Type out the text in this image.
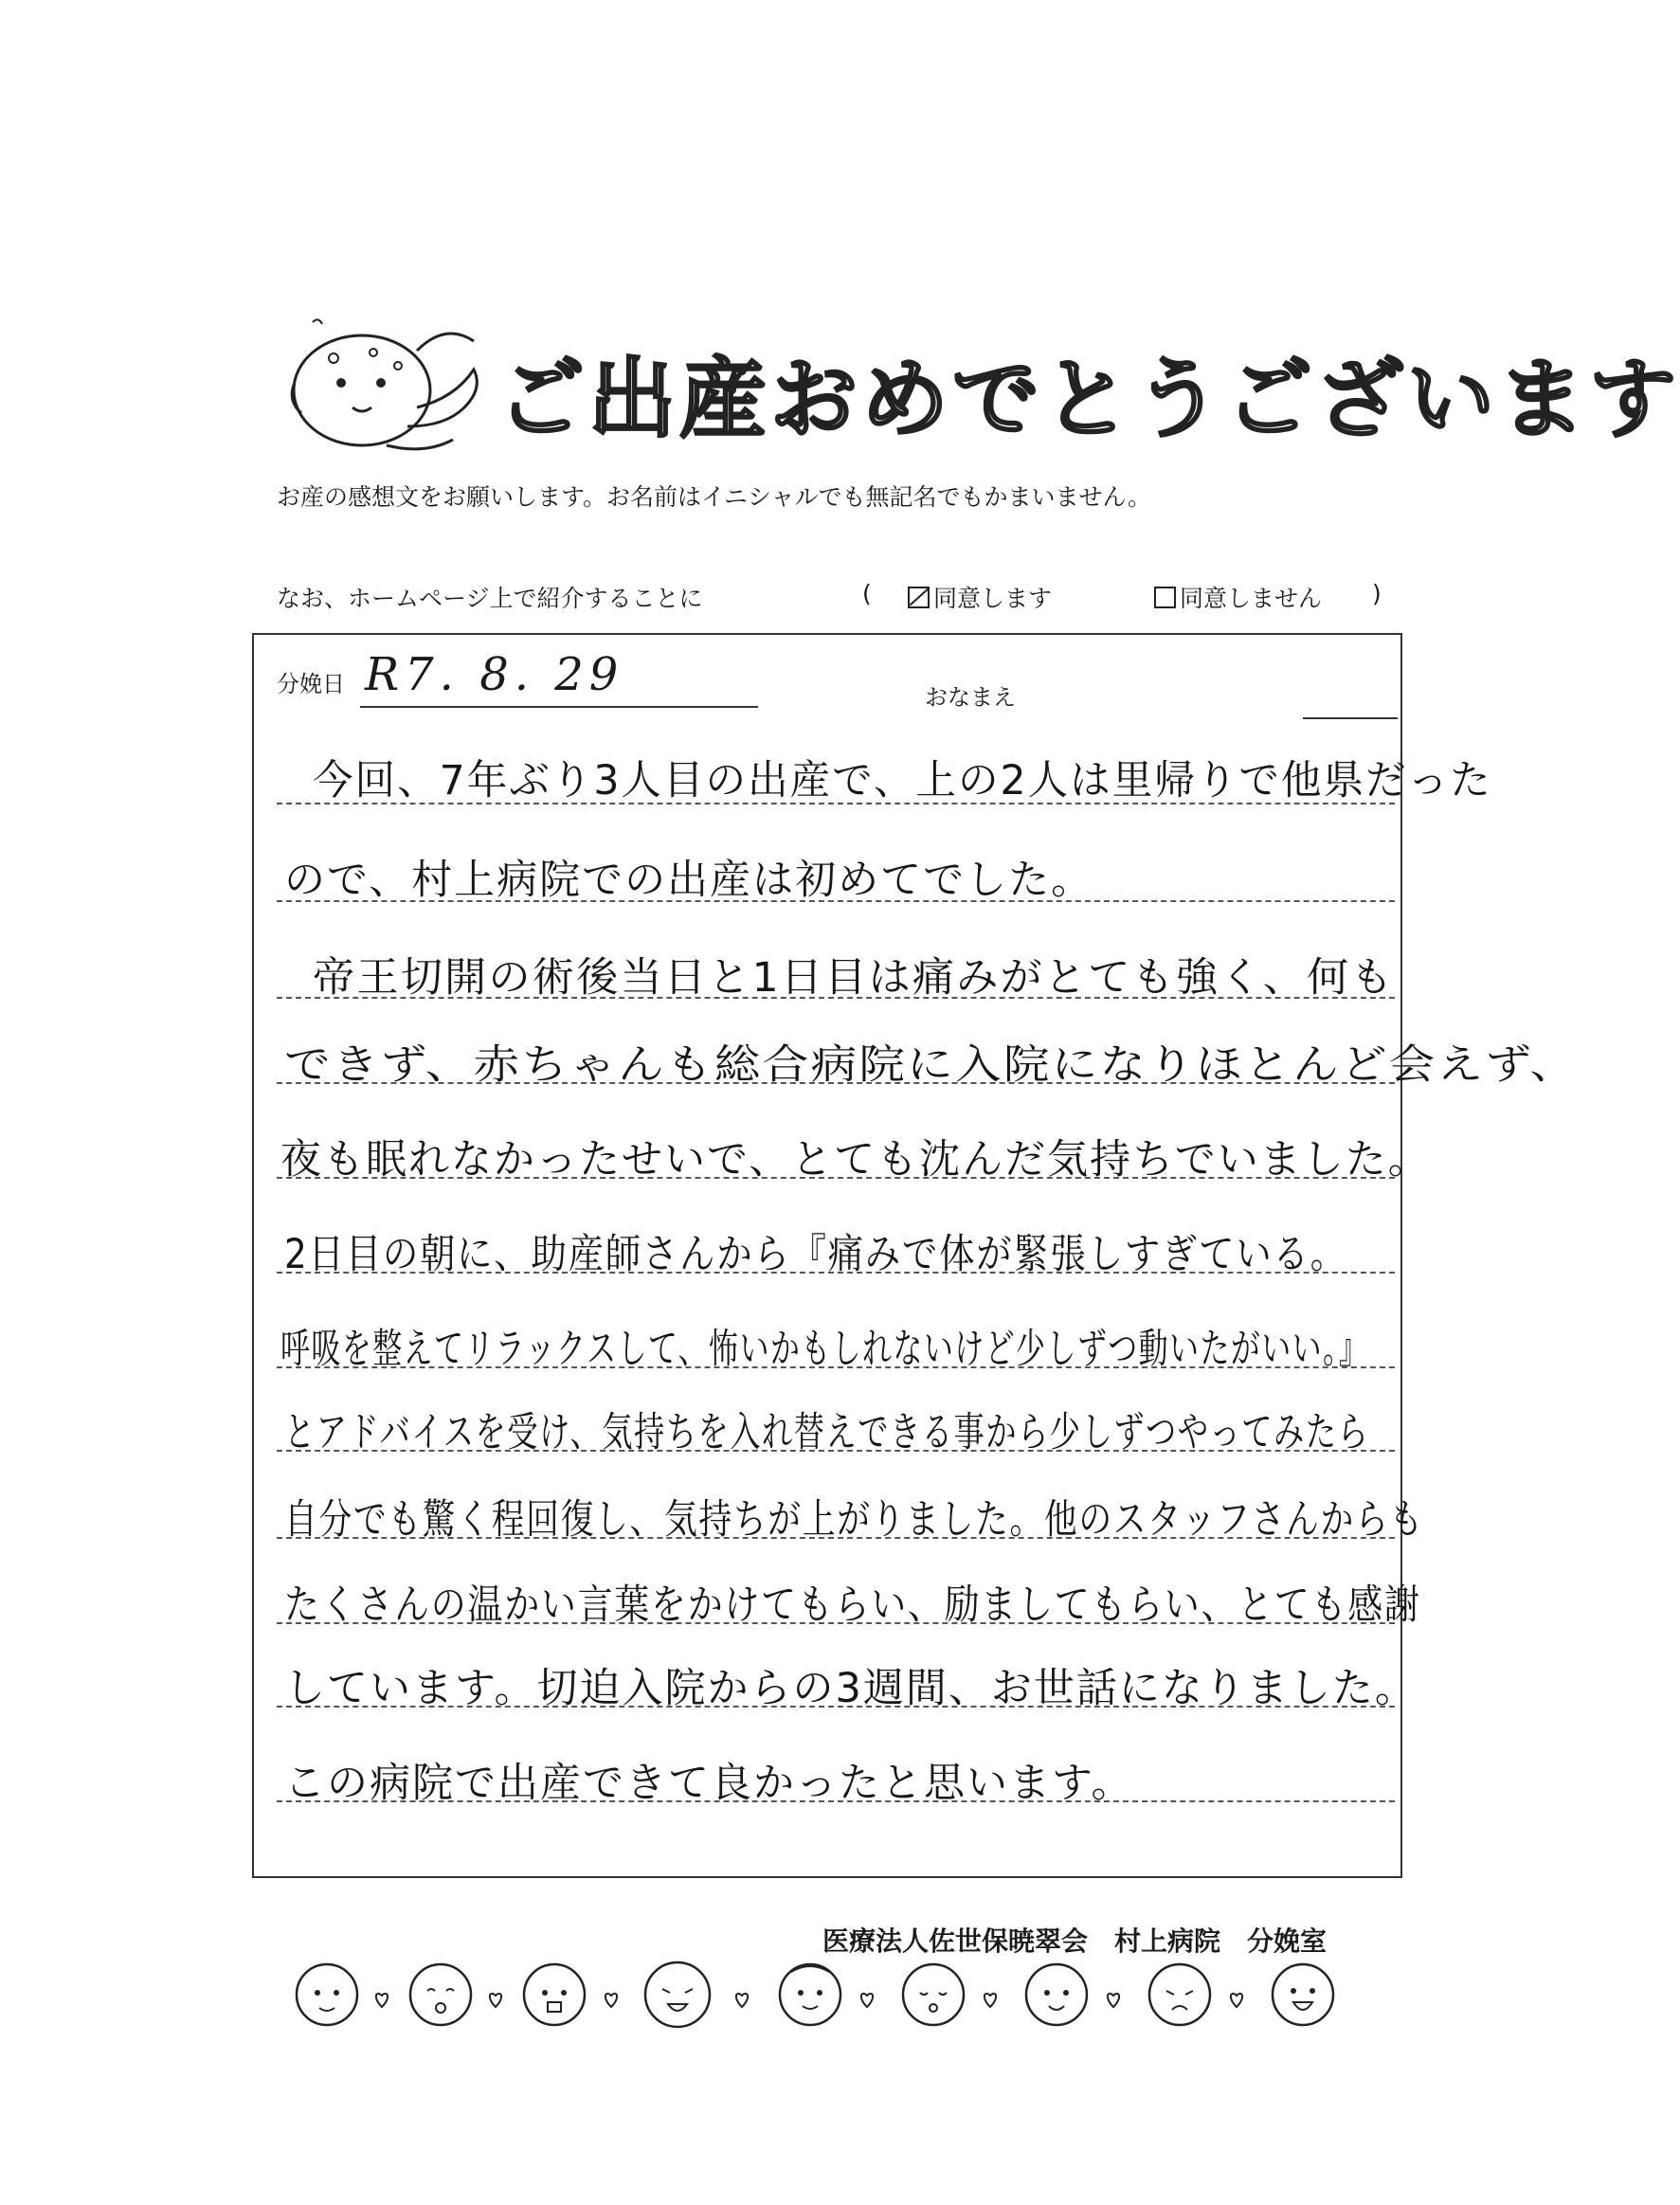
ご出産おめでとうございます
お産の感想文をお願いします。お名前はイニシャルでも無記名でもかまいません。
なお、ホームページ上で紹介することに	(	同意します	同意しません )
分娩日 R7. 8. 29	おなまえ
今回、7年ぶり3人目の出産で、上の2人は里帰りで他県だった
ので、村上病院での出産は初めてでした。
帝王切開の術後当日と1日目は痛みがとても強く、何も
できず、赤ちゃんも総合病院に入院になりほとんど会えず、
夜も眠れなかったせいで、とても沈んだ気持ちでいました。
2日目の朝に、助産師さんから『痛みで体が緊張しすぎている。
呼吸を整えてリラックスして、怖いかもしれないけど少しずつ動いたがいい。』
とアドバイスを受け、気持ちを入れ替えできる事から少しずつやってみたら
自分でも驚く程回復し、気持ちが上がりました。他のスタッフさんからも
たくさんの温かい言葉をかけてもらい、励ましてもらい、とても感謝
しています。切迫入院からの3週間、お世話になりました。
この病院で出産できて良かったと思います。
医療法人佐世保暁翠会　村上病院　分娩室
